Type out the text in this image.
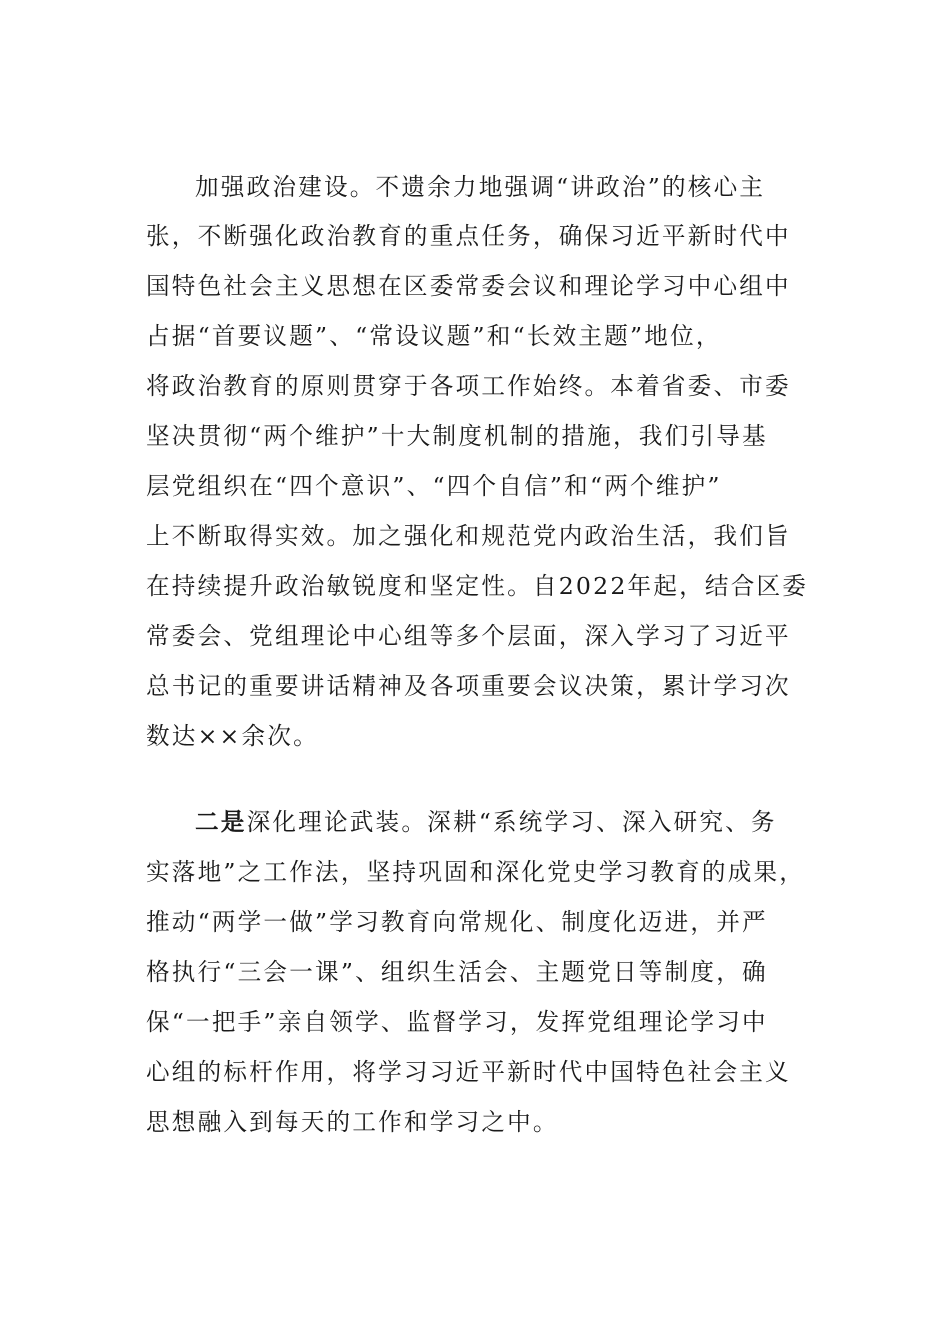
加强政治建设。不遗余力地强调“讲政治”的核心主
张，不断强化政治教育的重点任务，确保习近平新时代中
国特色社会主义思想在区委常委会议和理论学习中心组中
占据“首要议题”、“常设议题”和“长效主题”地位，
将政治教育的原则贯穿于各项工作始终。本着省委、市委
坚决贯彻“两个维护”十大制度机制的措施，我们引导基
层党组织在“四个意识”、“四个自信”和“两个维护”
上不断取得实效。加之强化和规范党内政治生活，我们旨
在持续提升政治敏锐度和坚定性。自2022年起，结合区委
常委会、党组理论中心组等多个层面，深入学习了习近平
总书记的重要讲话精神及各项重要会议决策，累计学习次
数达××余次。
二是深化理论武装。深耕“系统学习、深入研究、务
实落地”之工作法，坚持巩固和深化党史学习教育的成果，
推动“两学一做”学习教育向常规化、制度化迈进，并严
格执行“三会一课”、组织生活会、主题党日等制度，确
保“一把手”亲自领学、监督学习，发挥党组理论学习中
心组的标杆作用，将学习习近平新时代中国特色社会主义
思想融入到每天的工作和学习之中。
